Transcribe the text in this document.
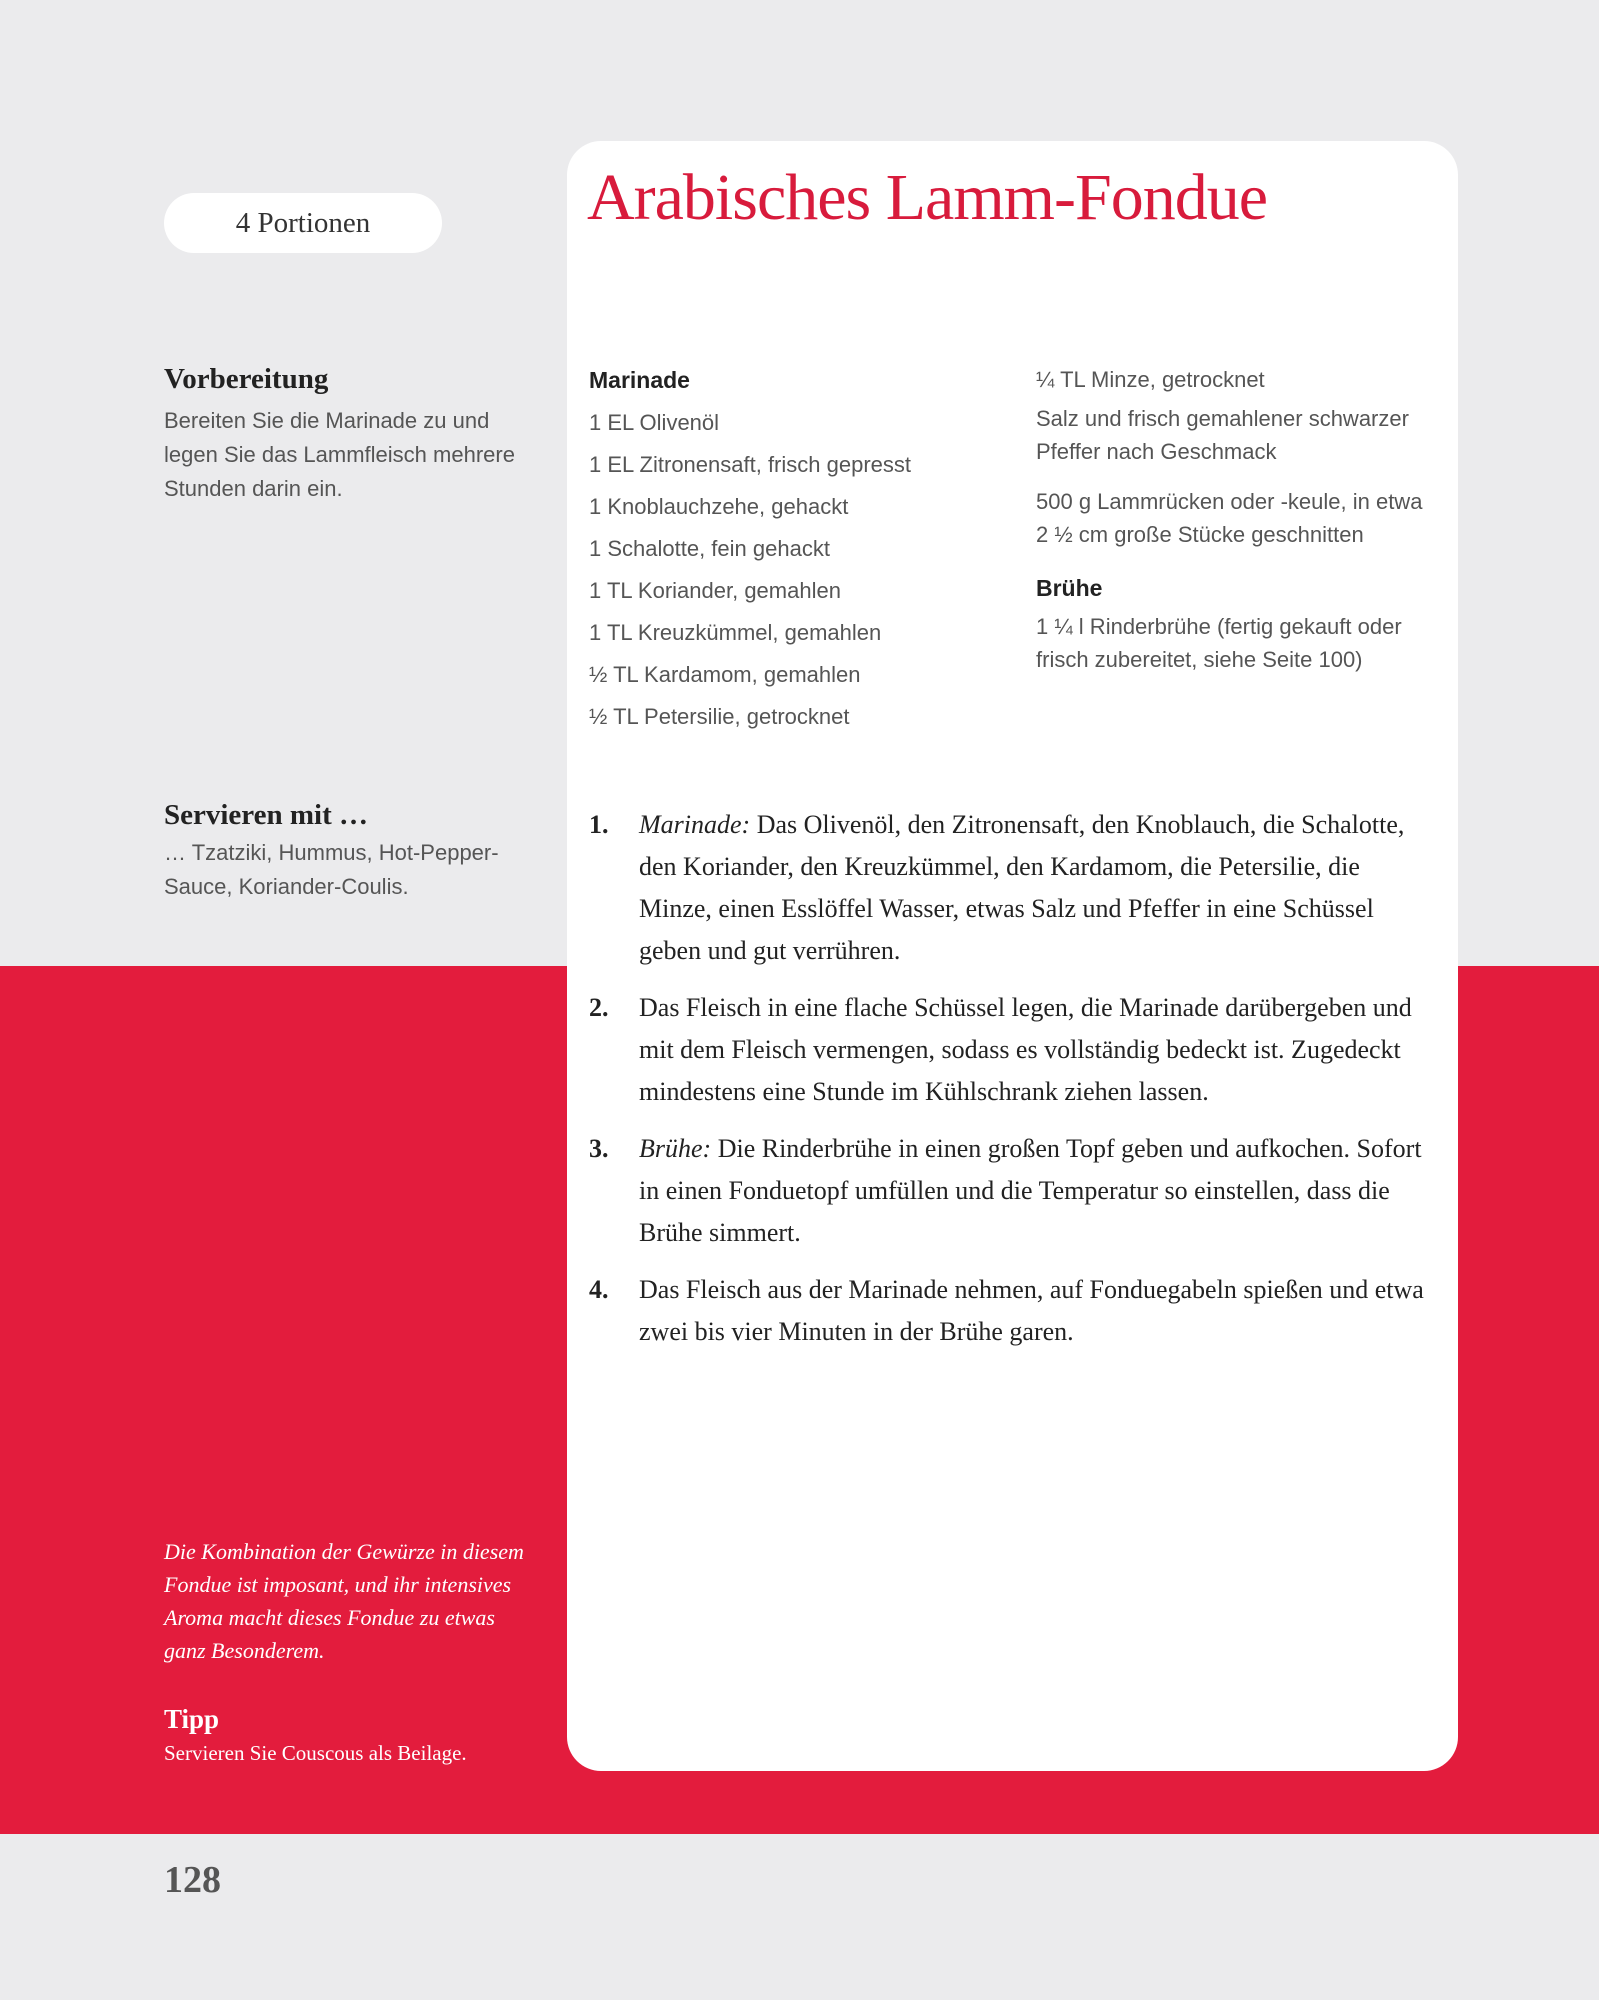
4 Portionen	Arabisches Lamm-Fondue
Vorbereitung

Bereiten Sie die Marinade zu und legen Sie das Lammfleisch mehrere Stunden darin ein.

Servieren mit …

… Tzatziki, Hummus, Hot-Pepper-Sauce, Koriander-Coulis.

Marinade
1 EL Olivenöl
1 EL Zitronensaft, frisch gepresst
1 Knoblauchzehe, gehackt
1 Schalotte, fein gehackt
1 TL Koriander, gemahlen
1 TL Kreuzkümmel, gemahlen
½ TL Kardamom, gemahlen
½ TL Petersilie, getrocknet
¼ TL Minze, getrocknet
Salz und frisch gemahlener schwarzer Pfeffer nach Geschmack
500 g Lammrücken oder -keule, in etwa 2 ½ cm große Stücke geschnitten
Brühe
1 ¼ l Rinderbrühe (fertig gekauft oder frisch zubereitet, siehe Seite 100)
1. Marinade: Das Olivenöl, den Zitronensaft, den Knoblauch, die Schalotte, den Koriander, den Kreuzkümmel, den Kardamom, die Petersilie, die Minze, einen Esslöffel Wasser, etwas Salz und Pfeffer in eine Schüssel geben und gut verrühren.
2. Das Fleisch in eine flache Schüssel legen, die Marinade darübergeben und mit dem Fleisch vermengen, sodass es vollständig bedeckt ist. Zugedeckt mindestens eine Stunde im Kühlschrank ziehen lassen.
3. Brühe: Die Rinderbrühe in einen großen Topf geben und aufkochen. Sofort in einen Fonduetopf umfüllen und die Temperatur so einstellen, dass die Brühe simmert.
4. Das Fleisch aus der Marinade nehmen, auf Fonduegabeln spießen und etwa zwei bis vier Minuten in der Brühe garen.

Die Kombination der Gewürze in diesem Fondue ist imposant, und ihr intensives Aroma macht dieses Fondue zu etwas ganz Besonderem.

Tipp

Servieren Sie Couscous als Beilage.

128
